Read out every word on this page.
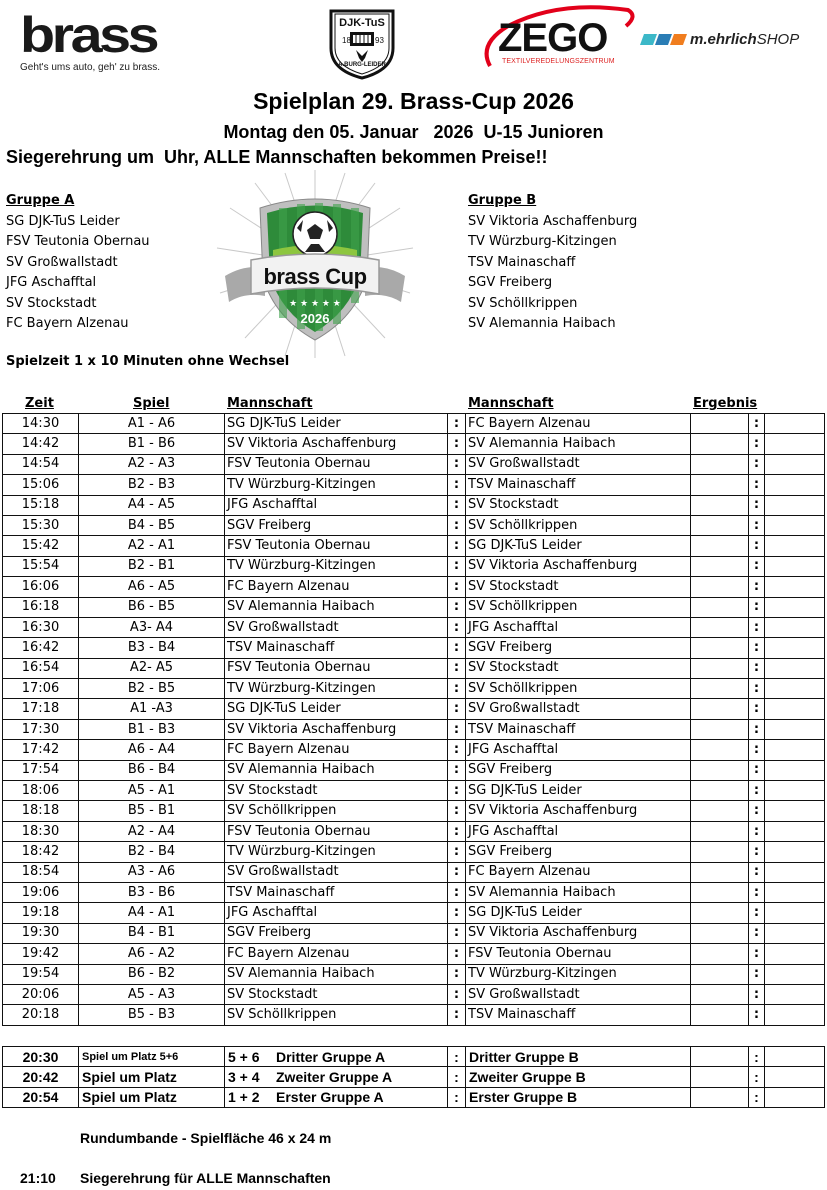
brass
Geht's ums auto, geh' zu brass.
DJK-TuS
18	93
A.BURG-LEIDER
ZEGO
TEXTILVEREDELUNGSZENTRUM
m.ehrlichSHOP
Spielplan 29. Brass-Cup 2026
Montag den 05. Januar   2026  U-15 Junioren
Siegerehrung um  Uhr, ALLE Mannschaften bekommen Preise!!
Gruppe A
SG DJK-TuS Leider
FSV Teutonia Obernau
SV Großwallstadt
JFG Aschafftal
SV Stockstadt
FC Bayern Alzenau
Gruppe B
SV Viktoria Aschaffenburg
TV Würzburg-Kitzingen
TSV Mainaschaff
SGV Freiberg
SV Schöllkrippen
SV Alemannia Haibach
brass Cup
★ ★ ★ ★ ★
2026
Spielzeit 1 x 10 Minuten ohne Wechsel
Zeit	Spiel	Mannschaft	Mannschaft	Ergebnis
14:30	A1 - A6	SG DJK-TuS Leider	:	FC Bayern Alzenau		:	
14:42	B1 - B6	SV Viktoria Aschaffenburg	:	SV Alemannia Haibach		:	
14:54	A2 - A3	FSV Teutonia Obernau	:	SV Großwallstadt		:	
15:06	B2 - B3	TV Würzburg-Kitzingen	:	TSV Mainaschaff		:	
15:18	A4 - A5	JFG Aschafftal	:	SV Stockstadt		:	
15:30	B4 - B5	SGV Freiberg	:	SV Schöllkrippen		:	
15:42	A2 - A1	FSV Teutonia Obernau	:	SG DJK-TuS Leider		:	
15:54	B2 - B1	TV Würzburg-Kitzingen	:	SV Viktoria Aschaffenburg		:	
16:06	A6 - A5	FC Bayern Alzenau	:	SV Stockstadt		:	
16:18	B6 - B5	SV Alemannia Haibach	:	SV Schöllkrippen		:	
16:30	A3- A4	SV Großwallstadt	:	JFG Aschafftal		:	
16:42	B3 - B4	TSV Mainaschaff	:	SGV Freiberg		:	
16:54	A2- A5	FSV Teutonia Obernau	:	SV Stockstadt		:	
17:06	B2 - B5	TV Würzburg-Kitzingen	:	SV Schöllkrippen		:	
17:18	A1 -A3	SG DJK-TuS Leider	:	SV Großwallstadt		:	
17:30	B1 - B3	SV Viktoria Aschaffenburg	:	TSV Mainaschaff		:	
17:42	A6 - A4	FC Bayern Alzenau	:	JFG Aschafftal		:	
17:54	B6 - B4	SV Alemannia Haibach	:	SGV Freiberg		:	
18:06	A5 - A1	SV Stockstadt	:	SG DJK-TuS Leider		:	
18:18	B5 - B1	SV Schöllkrippen	:	SV Viktoria Aschaffenburg		:	
18:30	A2 - A4	FSV Teutonia Obernau	:	JFG Aschafftal		:	
18:42	B2 - B4	TV Würzburg-Kitzingen	:	SGV Freiberg		:	
18:54	A3 - A6	SV Großwallstadt	:	FC Bayern Alzenau		:	
19:06	B3 - B6	TSV Mainaschaff	:	SV Alemannia Haibach		:	
19:18	A4 - A1	JFG Aschafftal	:	SG DJK-TuS Leider		:	
19:30	B4 - B1	SGV Freiberg	:	SV Viktoria Aschaffenburg		:	
19:42	A6 - A2	FC Bayern Alzenau	:	FSV Teutonia Obernau		:	
19:54	B6 - B2	SV Alemannia Haibach	:	TV Würzburg-Kitzingen		:	
20:06	A5 - A3	SV Stockstadt	:	SV Großwallstadt		:	
20:18	B5 - B3	SV Schöllkrippen	:	TSV Mainaschaff		:	
20:30	Spiel um Platz 5+6	5 + 6 Dritter Gruppe A	:	Dritter Gruppe B		:	
20:42	Spiel um Platz	3 + 4 Zweiter Gruppe A	:	Zweiter Gruppe B		:	
20:54	Spiel um Platz	1 + 2 Erster Gruppe A	:	Erster Gruppe B		:	
Rundumbande - Spielfläche 46 x 24 m
21:10 Siegerehrung für ALLE Mannschaften
